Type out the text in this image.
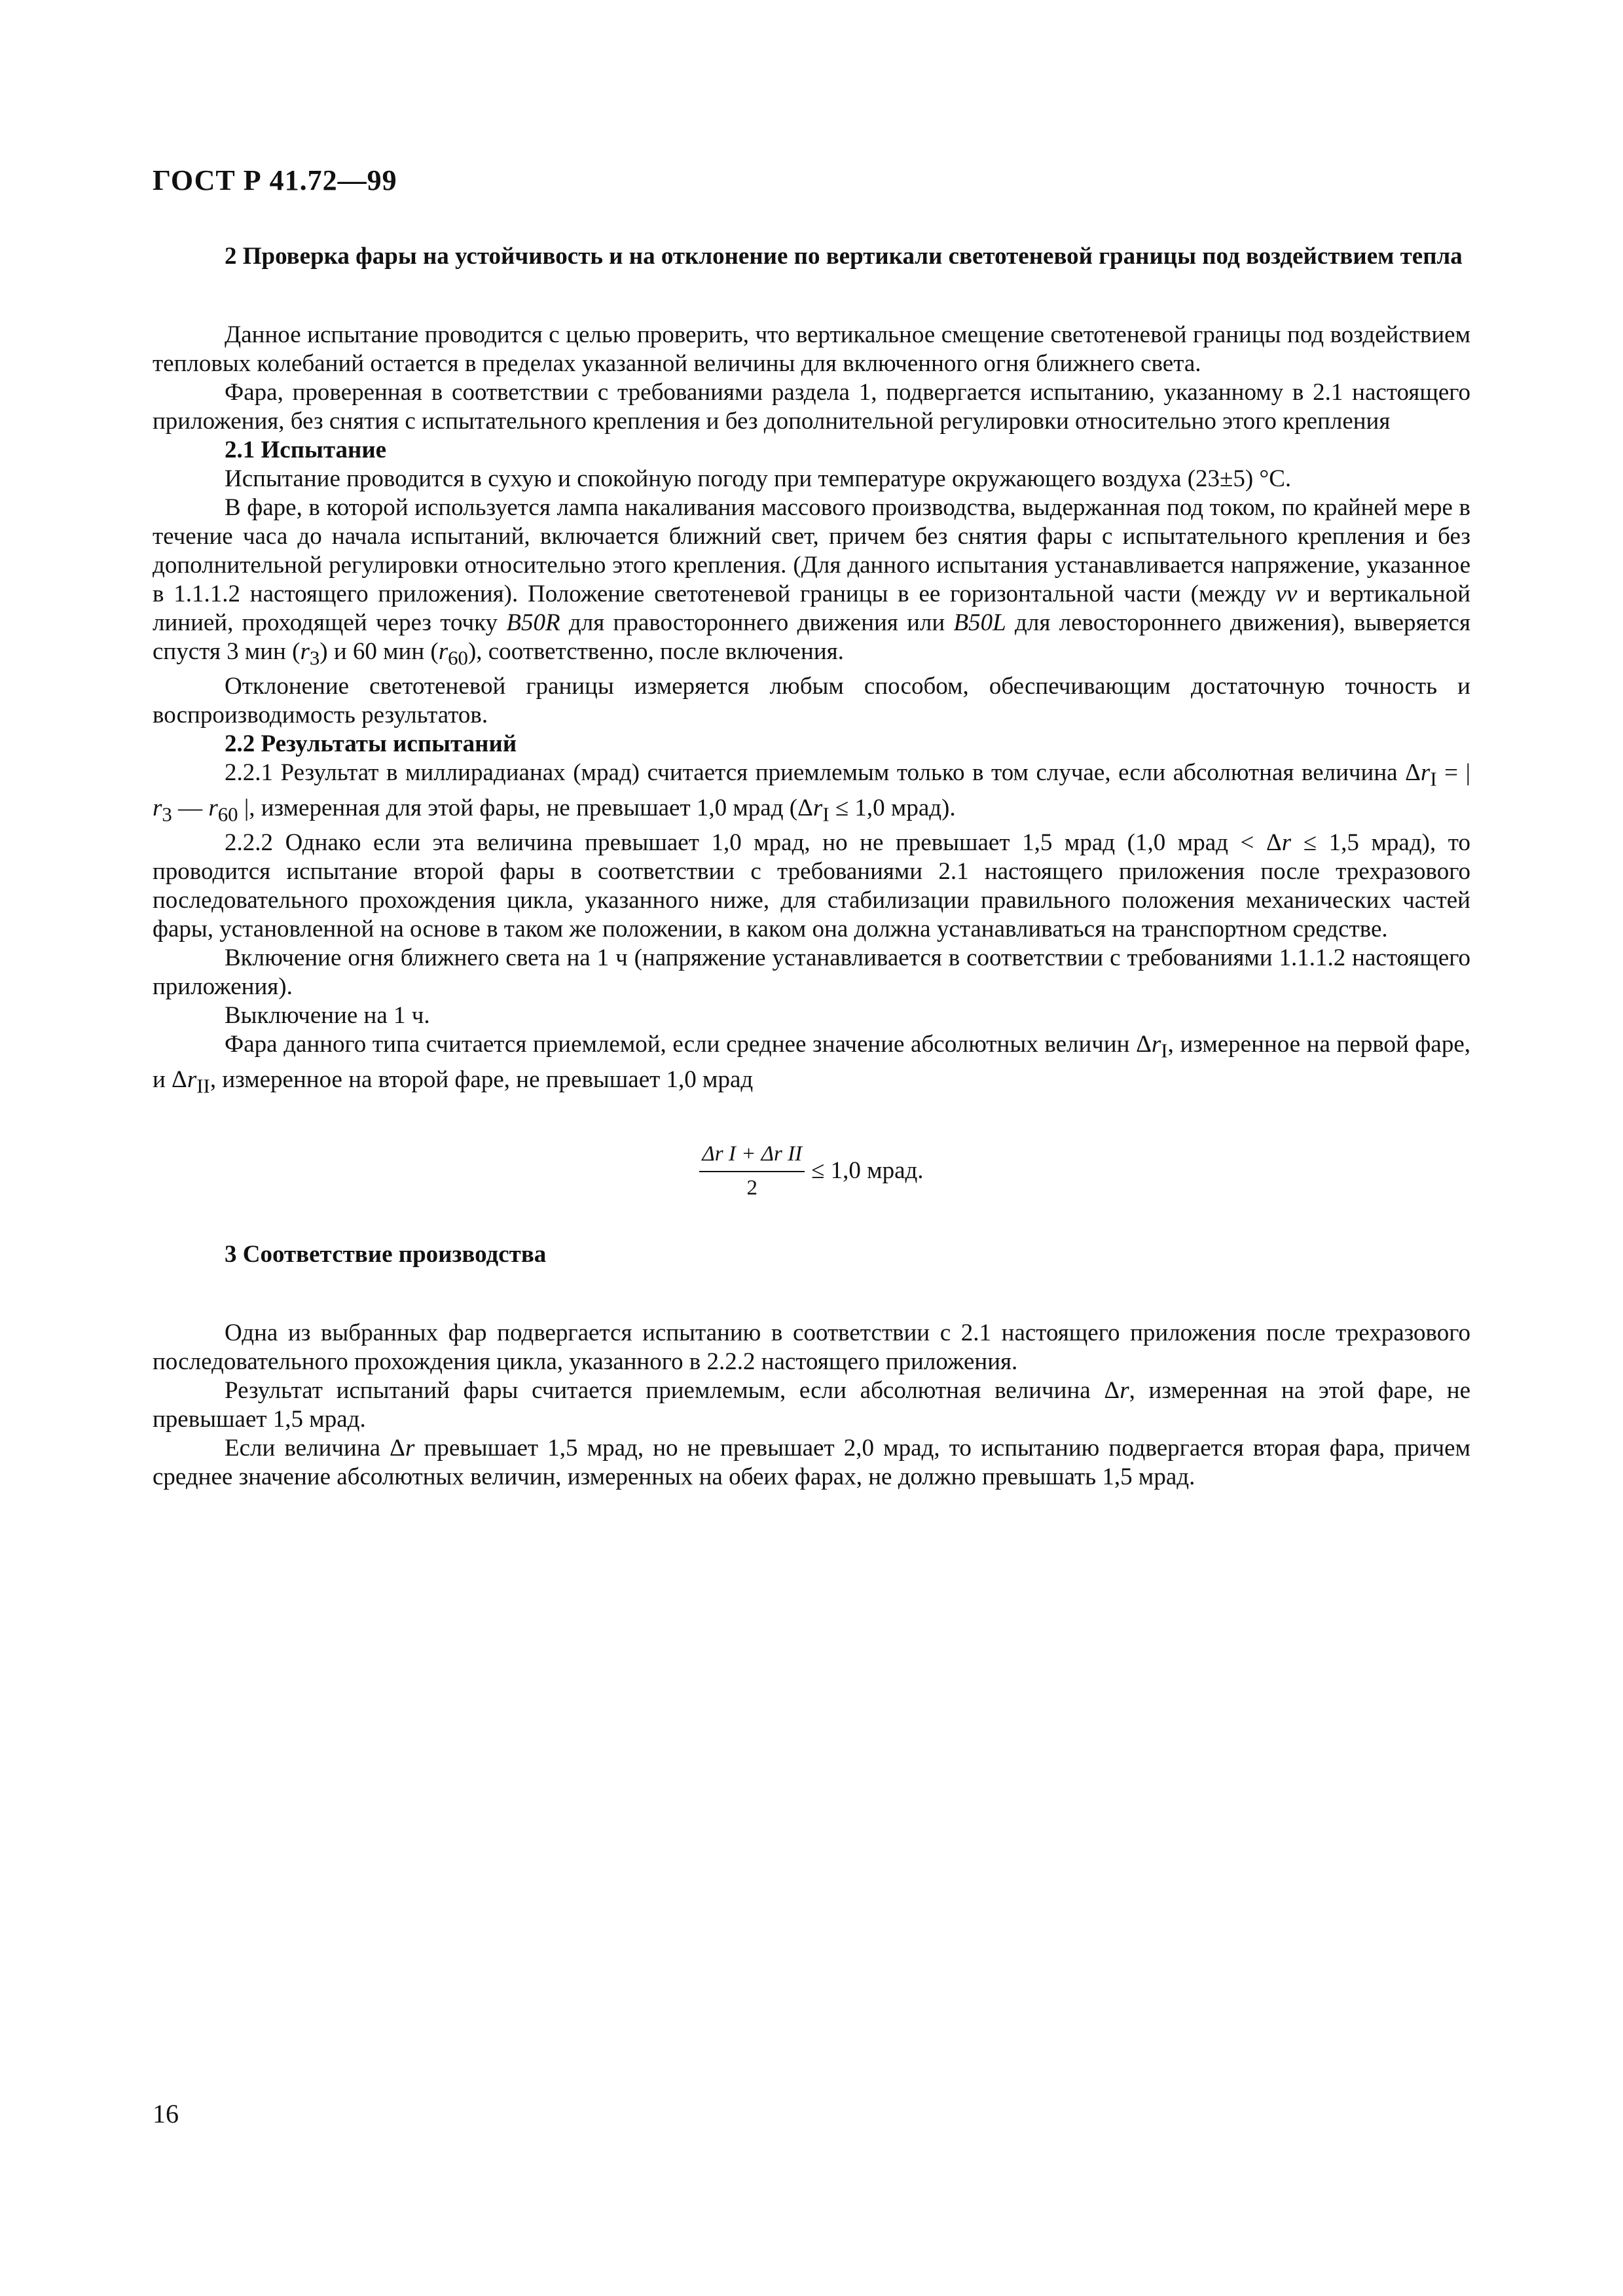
ГОСТ Р 41.72—99

2 Проверка фары на устойчивость и на отклонение по вертикали светотеневой границы под воздействием тепла

Данное испытание проводится с целью проверить, что вертикальное смещение светотеневой границы под воздействием тепловых колебаний остается в пределах указанной величины для включенного огня ближнего света.

Фара, проверенная в соответствии с требованиями раздела 1, подвергается испытанию, указанному в 2.1 настоящего приложения, без снятия с испытательного крепления и без дополнительной регулировки относительно этого крепления

2.1 Испытание

Испытание проводится в сухую и спокойную погоду при температуре окружающего воздуха (23±5) °С.

В фаре, в которой используется лампа накаливания массового производства, выдержанная под током, по крайней мере в течение часа до начала испытаний, включается ближний свет, причем без снятия фары с испытательного крепления и без дополнительной регулировки относительно этого крепления. (Для данного испытания устанавливается напряжение, указанное в 1.1.1.2 настоящего приложения). Положение светотеневой границы в ее горизонтальной части (между vv и вертикальной линией, проходящей через точку B50R для правостороннего движения или B50L для левостороннего движения), выверяется спустя 3 мин $(r_3)$ и 60 мин $(r_{60})$, соответственно, после включения.

Отклонение светотеневой границы измеряется любым способом, обеспечивающим достаточную точность и воспроизводимость результатов.

2.2 Результаты испытаний

2.2.1 Результат в миллирадианах (мрад) считается приемлемым только в том случае, если абсолютная величина $\Delta r_I$ = | $r_3$ — $r_{60}$ |, измеренная для этой фары, не превышает 1,0 мрад ($\Delta r_I \le 1,0$ мрад).

2.2.2 Однако если эта величина превышает 1,0 мрад, но не превышает 1,5 мрад (1,0 мрад < Δr ≤ 1,5 мрад), то проводится испытание второй фары в соответствии с требованиями 2.1 настоящего приложения после трехразового последовательного прохождения цикла, указанного ниже, для стабилизации правильного положения механических частей фары, установленной на основе в таком же положении, в каком она должна устанавливаться на транспортном средстве.

Включение огня ближнего света на 1 ч (напряжение устанавливается в соответствии с требованиями 1.1.1.2 настоящего приложения).

Выключение на 1 ч.

Фара данного типа считается приемлемой, если среднее значение абсолютных величин $\Delta r_I$, измеренное на первой фаре, и $\Delta r_{II}$, измеренное на второй фаре, не превышает 1,0 мрад

$\frac{\text{Δr I + Δr II}}{2} \le 1,0$ мрад.

3 Соответствие производства

Одна из выбранных фар подвергается испытанию в соответствии с 2.1 настоящего приложения после трехразового последовательного прохождения цикла, указанного в 2.2.2 настоящего приложения.

Результат испытаний фары считается приемлемым, если абсолютная величина Δr, измеренная на этой фаре, не превышает 1,5 мрад.

Если величина Δr превышает 1,5 мрад, но не превышает 2,0 мрад, то испытанию подвергается вторая фара, причем среднее значение абсолютных величин, измеренных на обеих фарах, не должно превышать 1,5 мрад.

16
